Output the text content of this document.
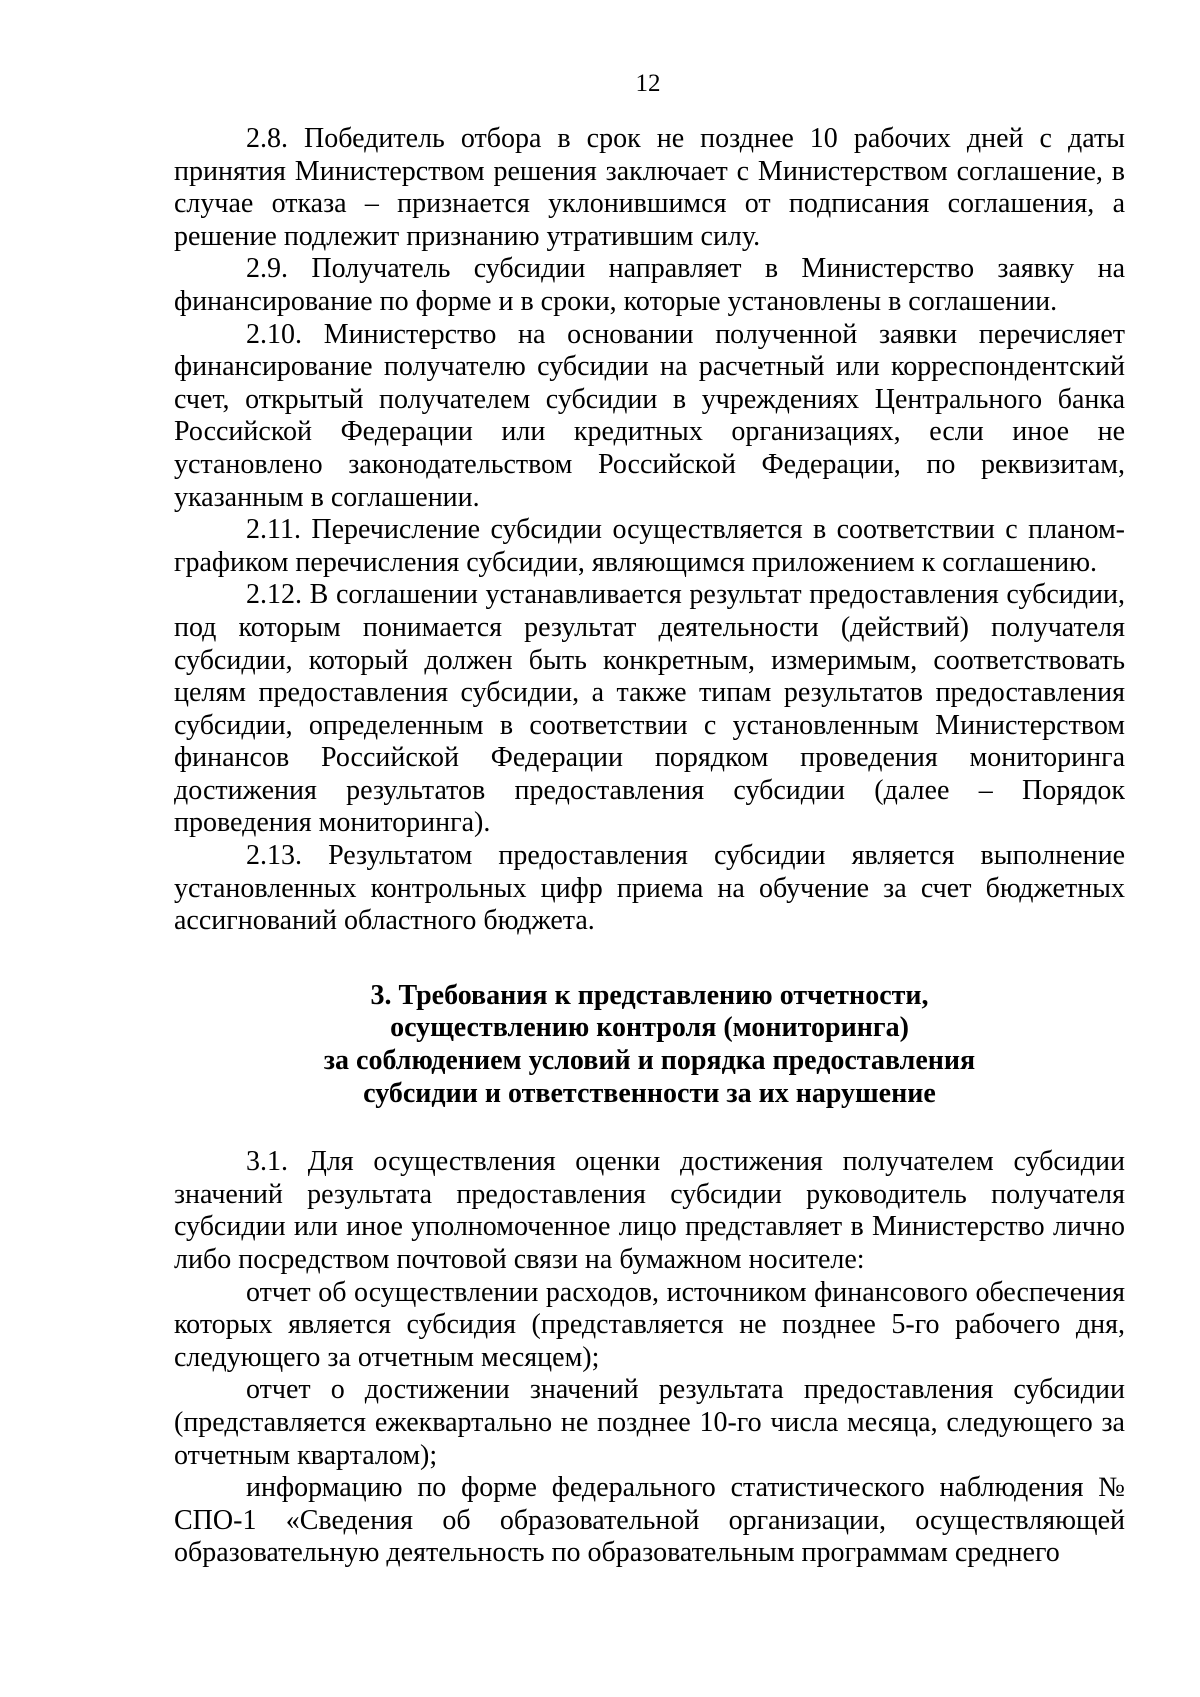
12

2.8. Победитель отбора в срок не позднее 10 рабочих дней с даты принятия Министерством решения заключает с Министерством соглашение, в случае отказа – признается уклонившимся от подписания соглашения, а решение подлежит признанию утратившим силу.

2.9. Получатель субсидии направляет в Министерство заявку на финансирование по форме и в сроки, которые установлены в соглашении.

2.10. Министерство на основании полученной заявки перечисляет финансирование получателю субсидии на расчетный или корреспондентский счет, открытый получателем субсидии в учреждениях Центрального банка Российской Федерации или кредитных организациях, если иное не установлено законодательством Российской Федерации, по реквизитам, указанным в соглашении.

2.11. Перечисление субсидии осуществляется в соответствии с планом-графиком перечисления субсидии, являющимся приложением к соглашению.

2.12. В соглашении устанавливается результат предоставления субсидии, под которым понимается результат деятельности (действий) получателя субсидии, который должен быть конкретным, измеримым, соответствовать целям предоставления субсидии, а также типам результатов предоставления субсидии, определенным в соответствии с установленным Министерством финансов Российской Федерации порядком проведения мониторинга достижения результатов предоставления субсидии (далее – Порядок проведения мониторинга).

2.13. Результатом предоставления субсидии является выполнение установленных контрольных цифр приема на обучение за счет бюджетных ассигнований областного бюджета.

3. Требования к представлению отчетности,
осуществлению контроля (мониторинга)
за соблюдением условий и порядка предоставления
субсидии и ответственности за их нарушение

3.1. Для осуществления оценки достижения получателем субсидии значений результата предоставления субсидии руководитель получателя субсидии или иное уполномоченное лицо представляет в Министерство лично либо посредством почтовой связи на бумажном носителе:

отчет об осуществлении расходов, источником финансового обеспечения которых является субсидия (представляется не позднее 5-го рабочего дня, следующего за отчетным месяцем);

отчет о достижении значений результата предоставления субсидии (представляется ежеквартально не позднее 10-го числа месяца, следующего за отчетным кварталом);

информацию по форме федерального статистического наблюдения № СПО-1 «Сведения об образовательной организации, осуществляющей образовательную деятельность по образовательным программам среднего
